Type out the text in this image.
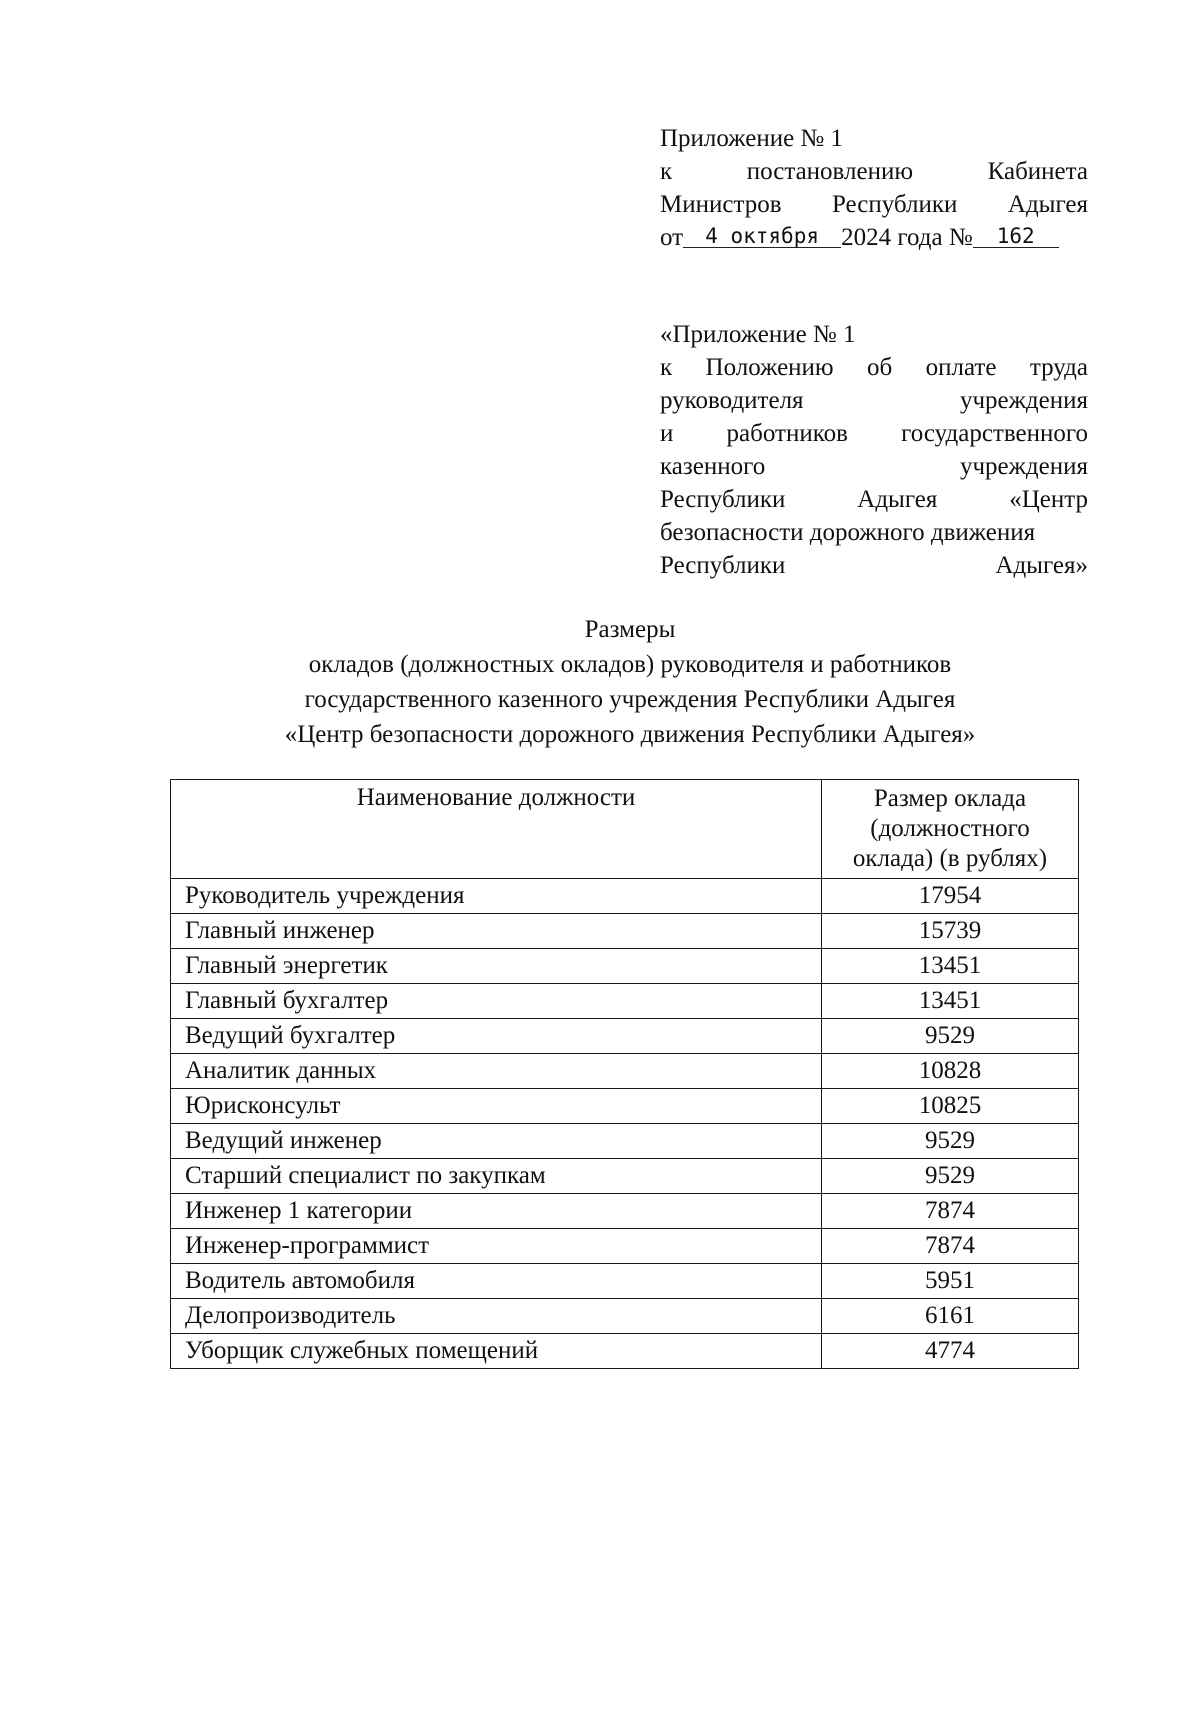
Приложение № 1
к	постановлению	Кабинета
Министров Республики Адыгея
от 4 октября 2024 года № 162
«Приложение № 1
к Положению об оплате труда
руководителя	учреждения
и работников государственного
казенного	учреждения
Республики	Адыгея	«Центр
безопасности дорожного движения
Республики	Адыгея»
Размеры
окладов (должностных окладов) руководителя и работников
государственного казенного учреждения Республики Адыгея
«Центр безопасности дорожного движения Республики Адыгея»
Наименование должности	Размер оклада
(должностного
оклада) (в рублях)

Руководитель учреждения	17954
Главный инженер	15739
Главный энергетик	13451
Главный бухгалтер	13451
Ведущий бухгалтер	9529
Аналитик данных	10828
Юрисконсульт	10825
Ведущий инженер	9529
Старший специалист по закупкам	9529
Инженер 1 категории	7874
Инженер-программист	7874
Водитель автомобиля	5951
Делопроизводитель	6161
Уборщик служебных помещений	4774
